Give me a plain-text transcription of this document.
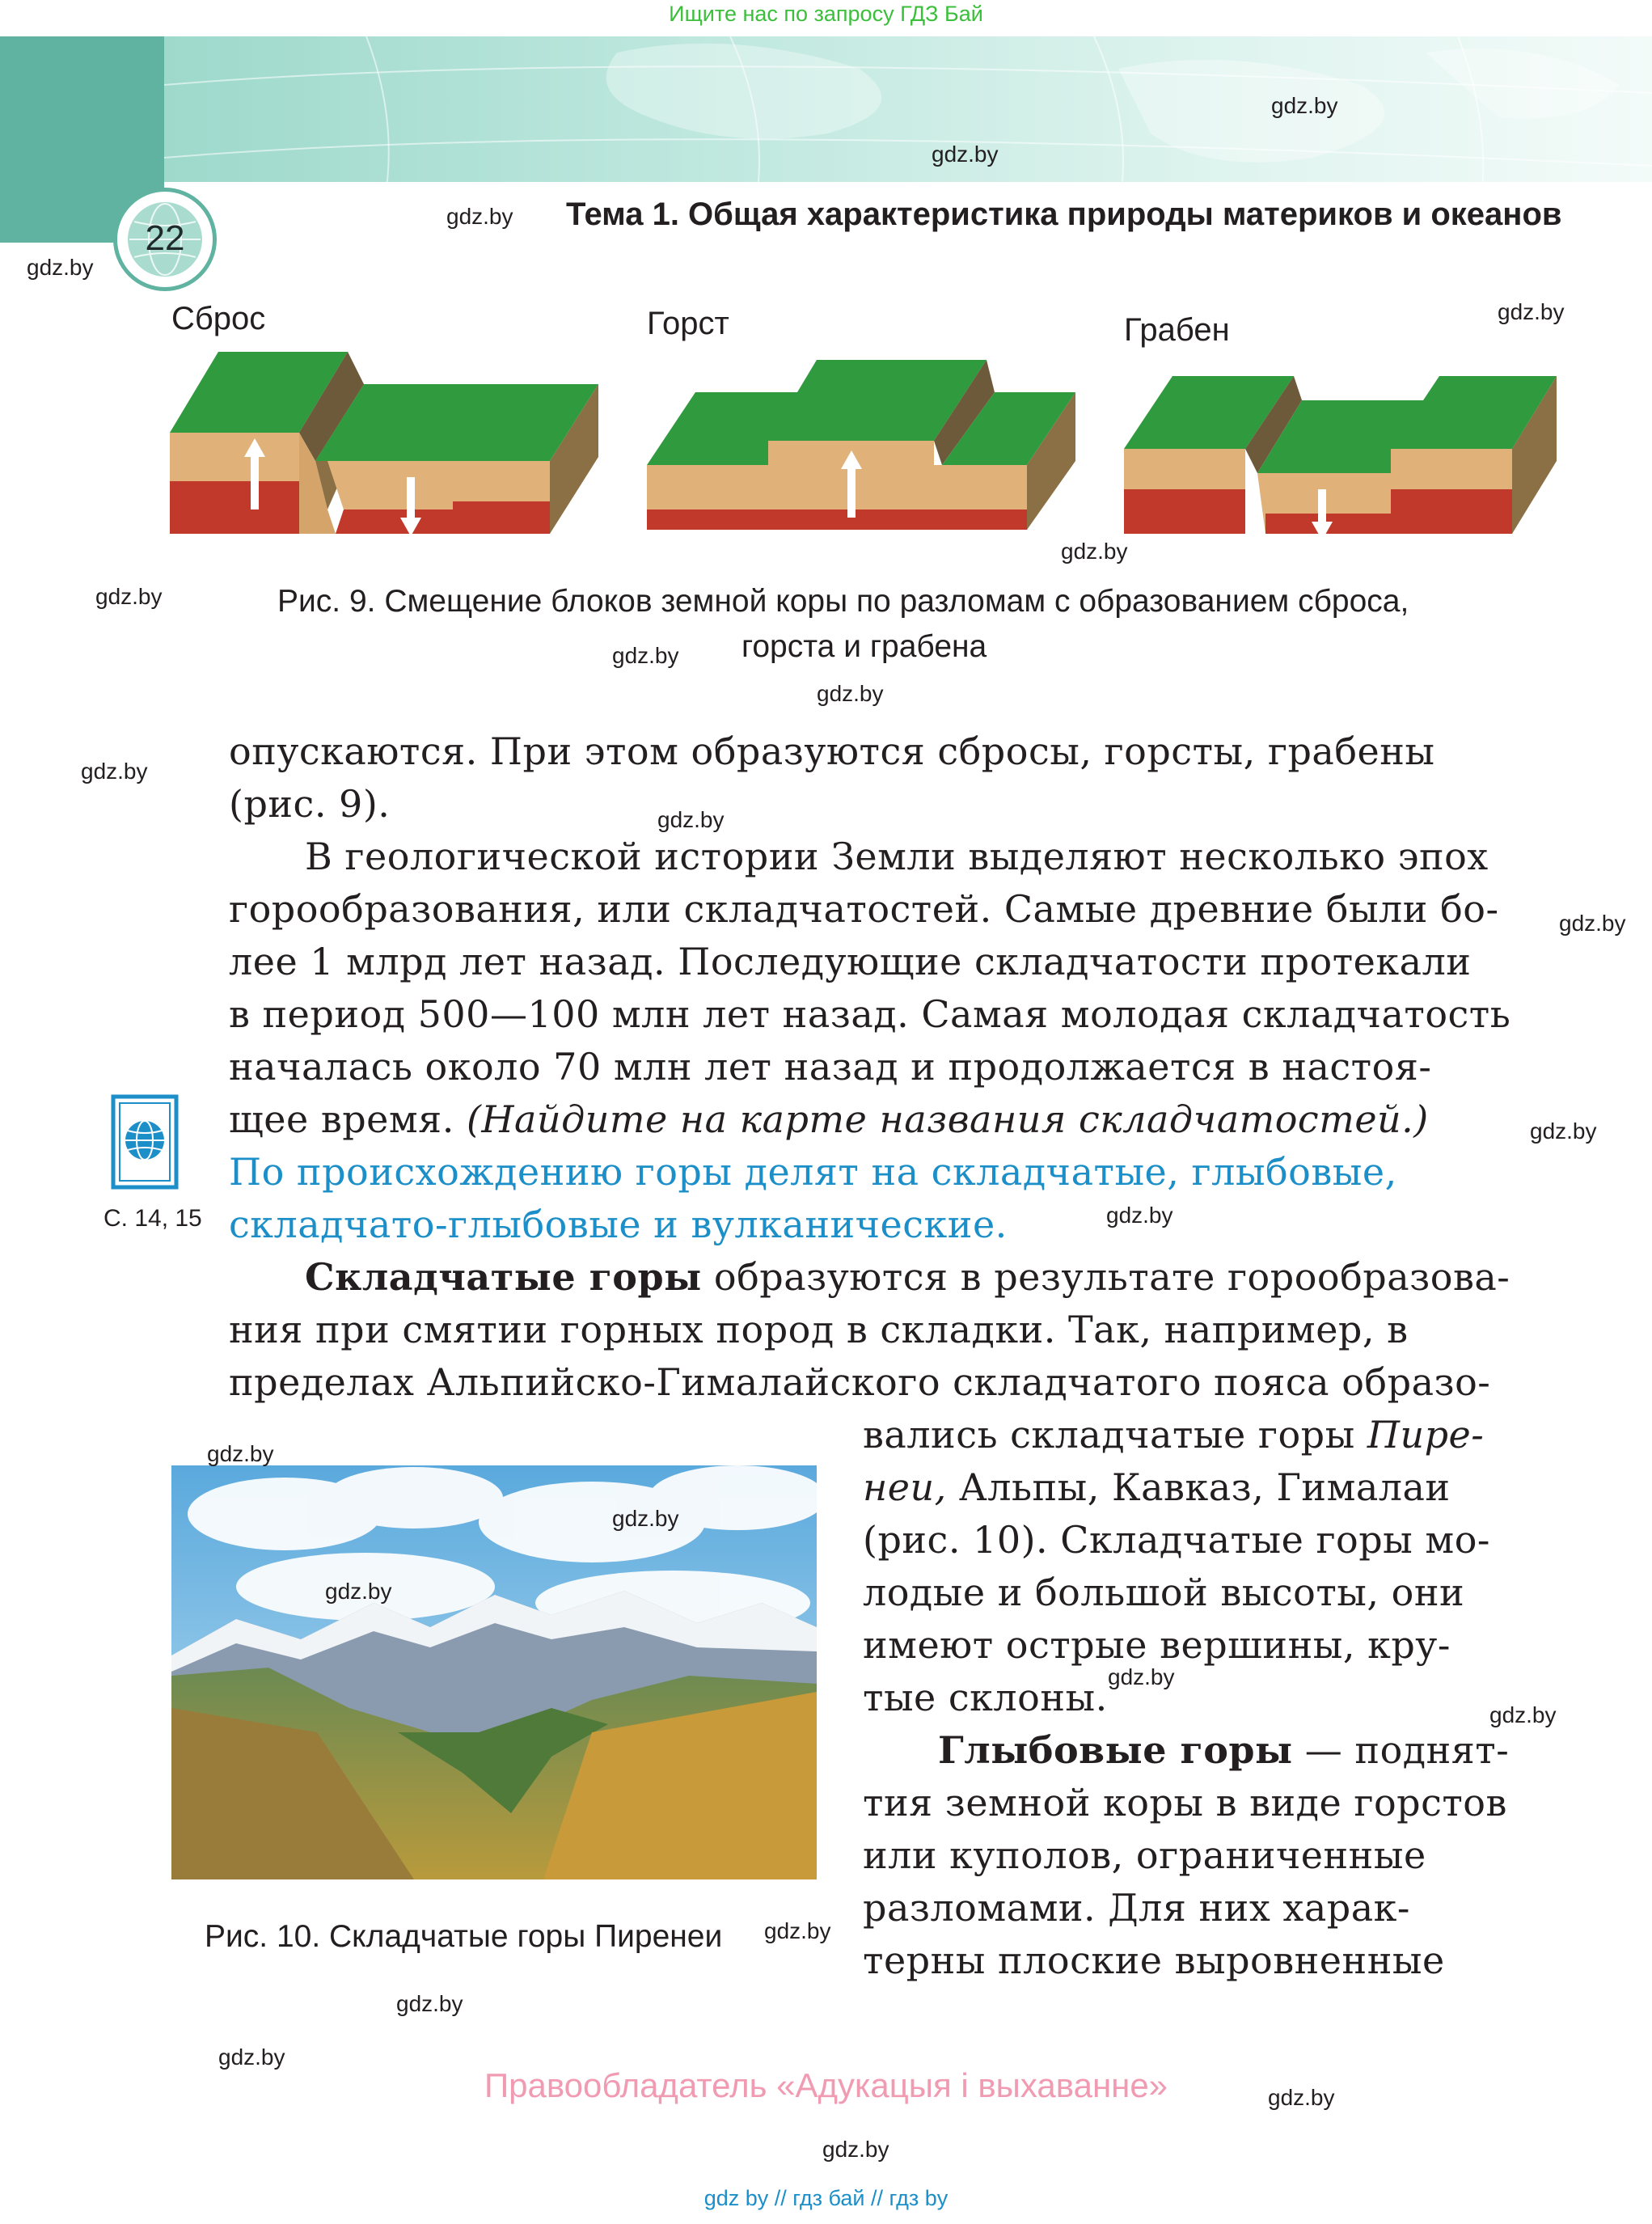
Ищите нас по запросу ГДЗ Бай
22
Тема 1. Общая характеристика природы материков и океанов
Сброс	Горст	Грабен
Рис. 9. Смещение блоков земной коры по разломам с образованием сброса,
горста и грабена
опускаются. При этом образуются сбросы, горсты, грабены
(рис. 9).
В геологической истории Земли выделяют несколько эпох
горообразования, или складчатостей. Самые древние были бо-
лее 1 млрд лет назад. Последующие складчатости протекали
в период 500—100 млн лет назад. Самая молодая складчатость
началась около 70 млн лет назад и продолжается в настоя-
щее время. (Найдите на карте названия складчатостей.)
По происхождению горы делят на складчатые, глыбовые,
складчато-глыбовые и вулканические.
Складчатые горы образуются в результате горообразова-
ния при смятии горных пород в складки. Так, например, в
пределах Альпийско-Гималайского складчатого пояса образо-
вались складчатые горы Пире-
неи, Альпы, Кавказ, Гималаи
(рис. 10). Складчатые горы мо-
лодые и большой высоты, они
имеют острые вершины, кру-
тые склоны.
Глыбовые горы — поднят-
тия земной коры в виде горстов
или куполов, ограниченные
разломами. Для них харак-
терны плоские выровненные
С. 14, 15
Рис. 10. Складчатые горы Пиренеи
gdz.by
gdz.by
gdz.by
gdz.by
gdz.by
gdz.by
gdz.by
gdz.by
gdz.by
gdz.by
gdz.by
gdz.by
gdz.by
gdz.by
gdz.by
gdz.by
gdz.by
gdz.by
gdz.by
gdz.by
gdz.by
gdz.by
gdz.by
gdz.by
Правообладатель «Адукацыя і выхаванне»
gdz by // гдз бай // гдз by
